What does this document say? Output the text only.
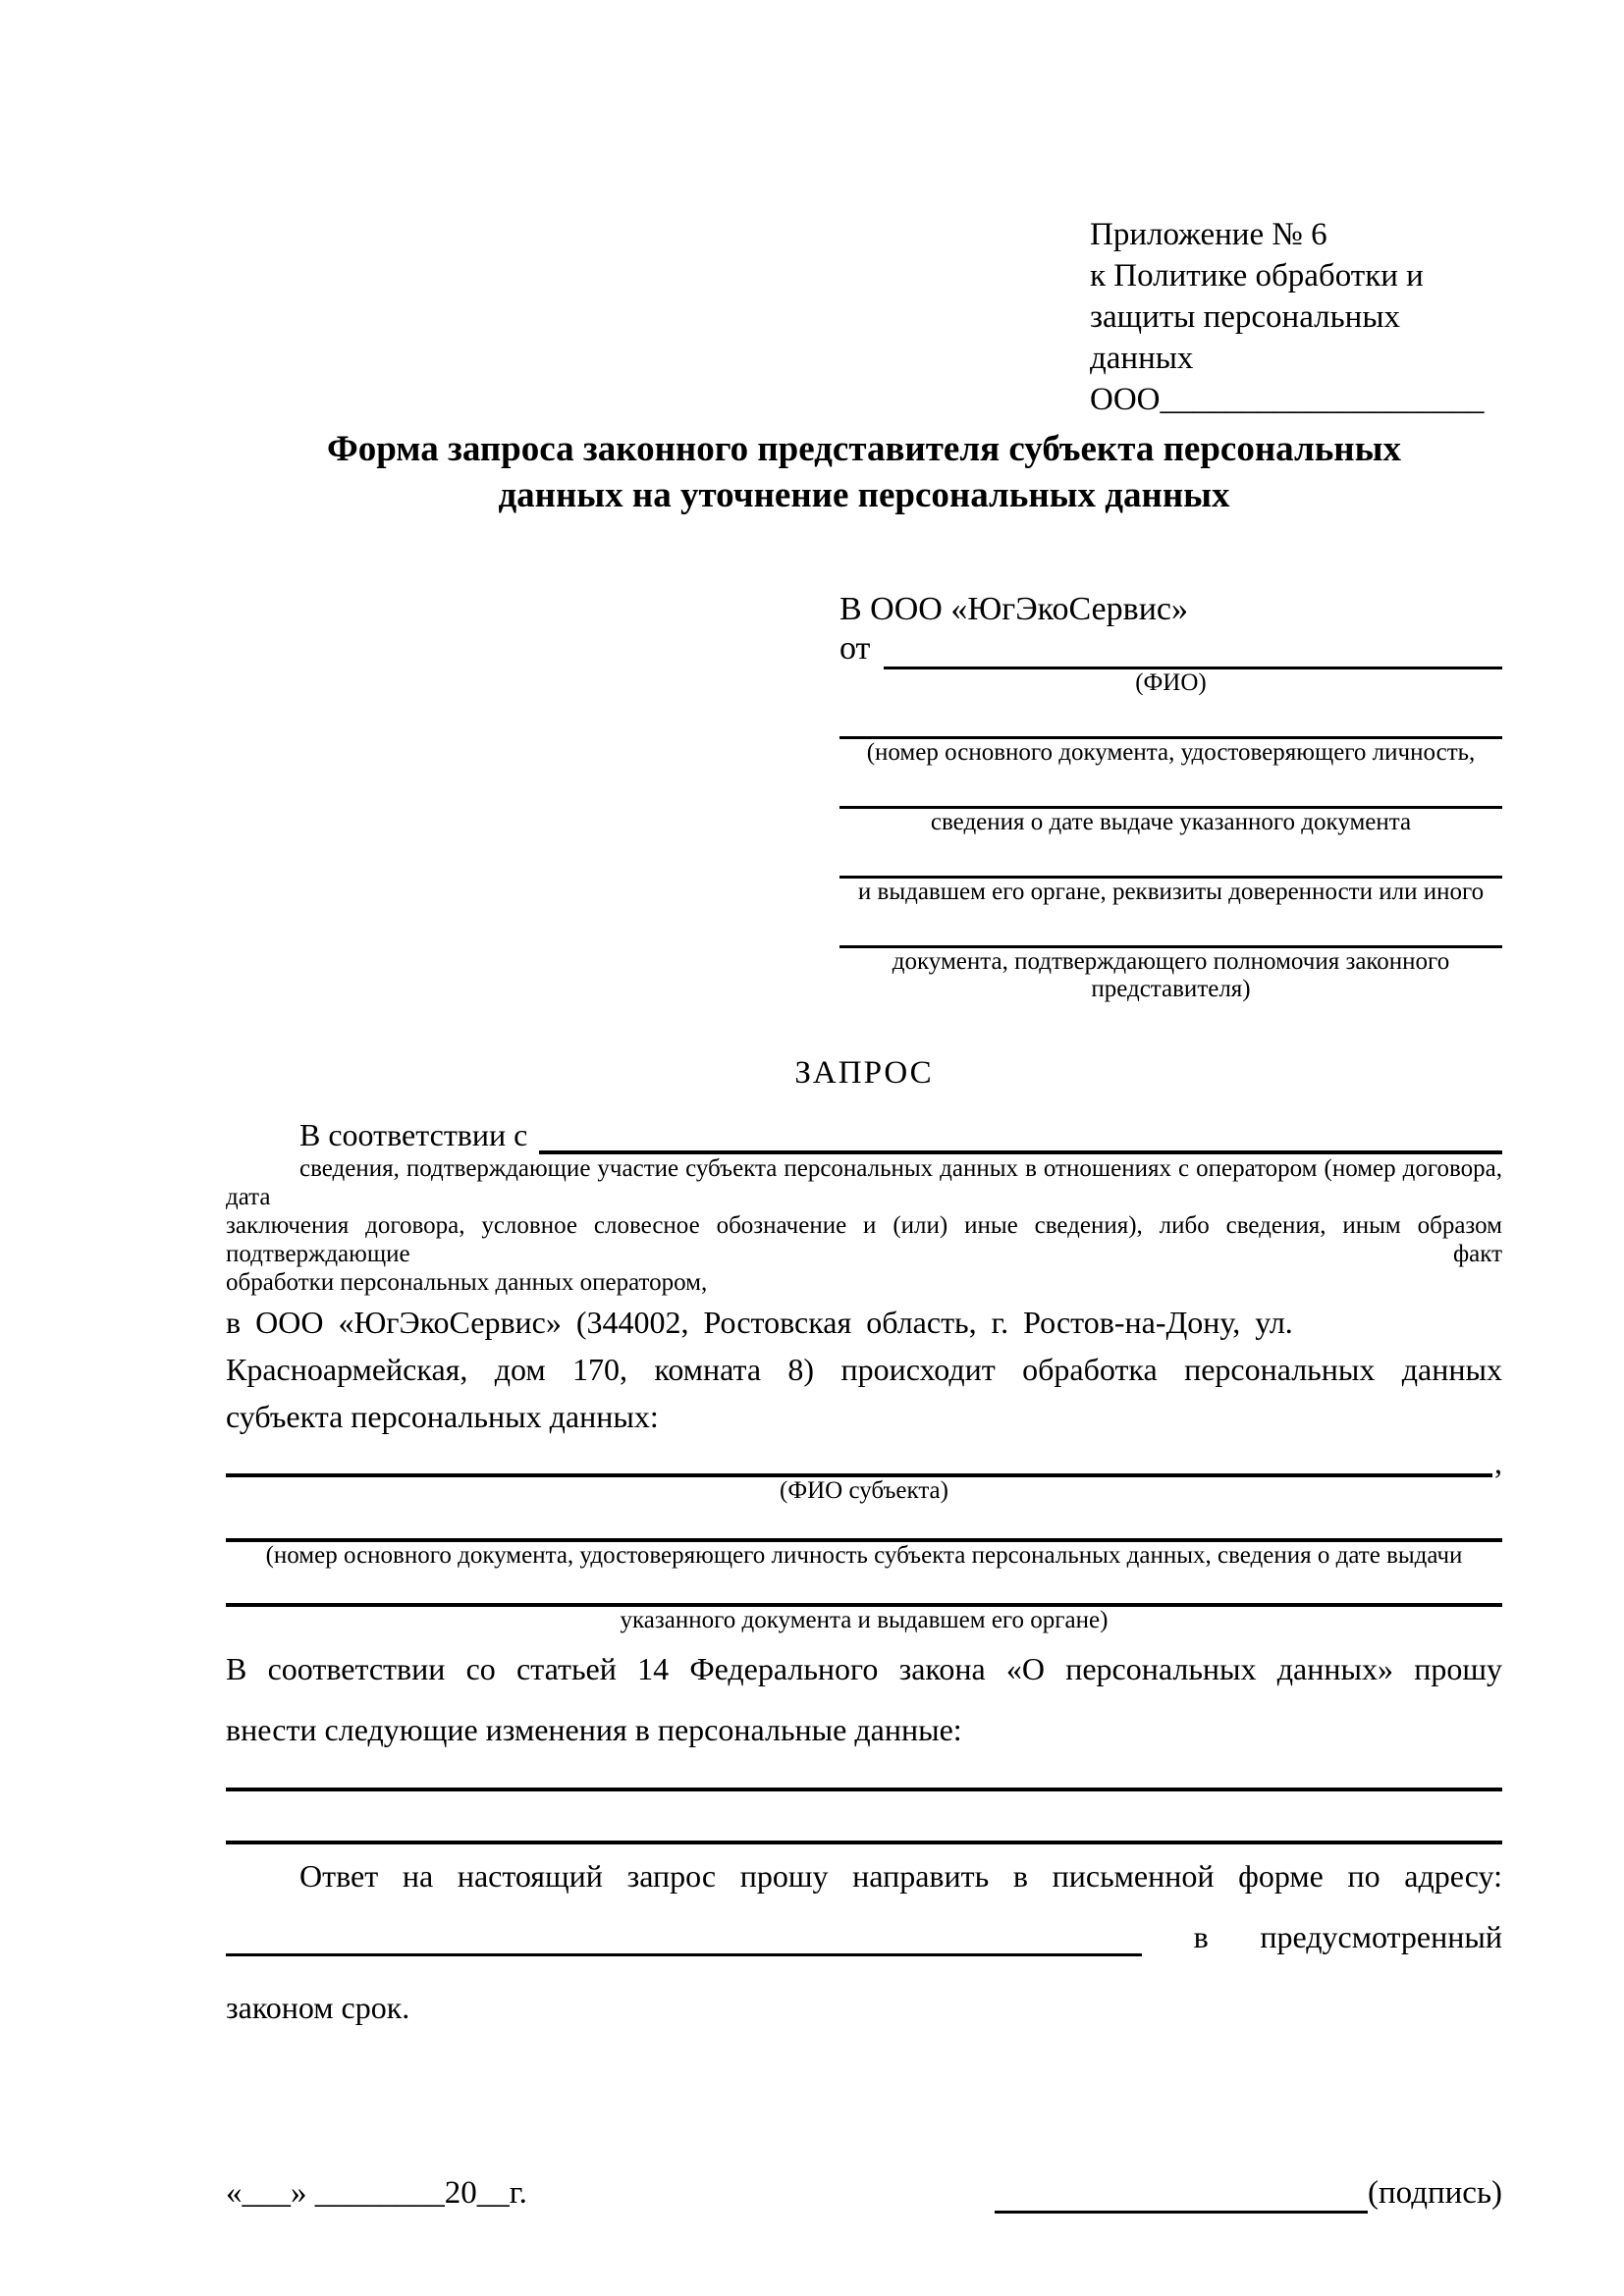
Приложение № 6
к Политике обработки и
защиты персональных данных
ООО____________________
Форма запроса законного представителя субъекта персональных
данных на уточнение персональных данных
В ООО «ЮгЭкоСервис»
от
(ФИО)
(номер основного документа, удостоверяющего личность,
сведения о дате выдаче указанного документа
и выдавшем его органе, реквизиты доверенности или иного
документа, подтверждающего полномочия законного представителя)
ЗАПРОС
В соответствии с
сведения, подтверждающие участие субъекта персональных данных в отношениях с оператором (номер договора, дата
заключения договора, условное словесное обозначение и (или) иные сведения), либо сведения, иным образом подтверждающие факт
обработки персональных данных оператором,
в ООО «ЮгЭкоСервис» (344002, Ростовская область, г. Ростов-на-Дону, ул.
Красноармейская, дом 170, комната 8) происходит обработка персональных данных
субъекта персональных данных:
,
(ФИО субъекта)
(номер основного документа, удостоверяющего личность субъекта персональных данных, сведения о дате выдачи
указанного документа и выдавшем его органе)
В соответствии со статьей 14 Федерального закона «О персональных данных» прошу
внести следующие изменения в персональные данные:
Ответ на настоящий запрос прошу направить в письменной форме по адресу:
в предусмотренный
законом срок.
«___» ________20__г.	(подпись)
